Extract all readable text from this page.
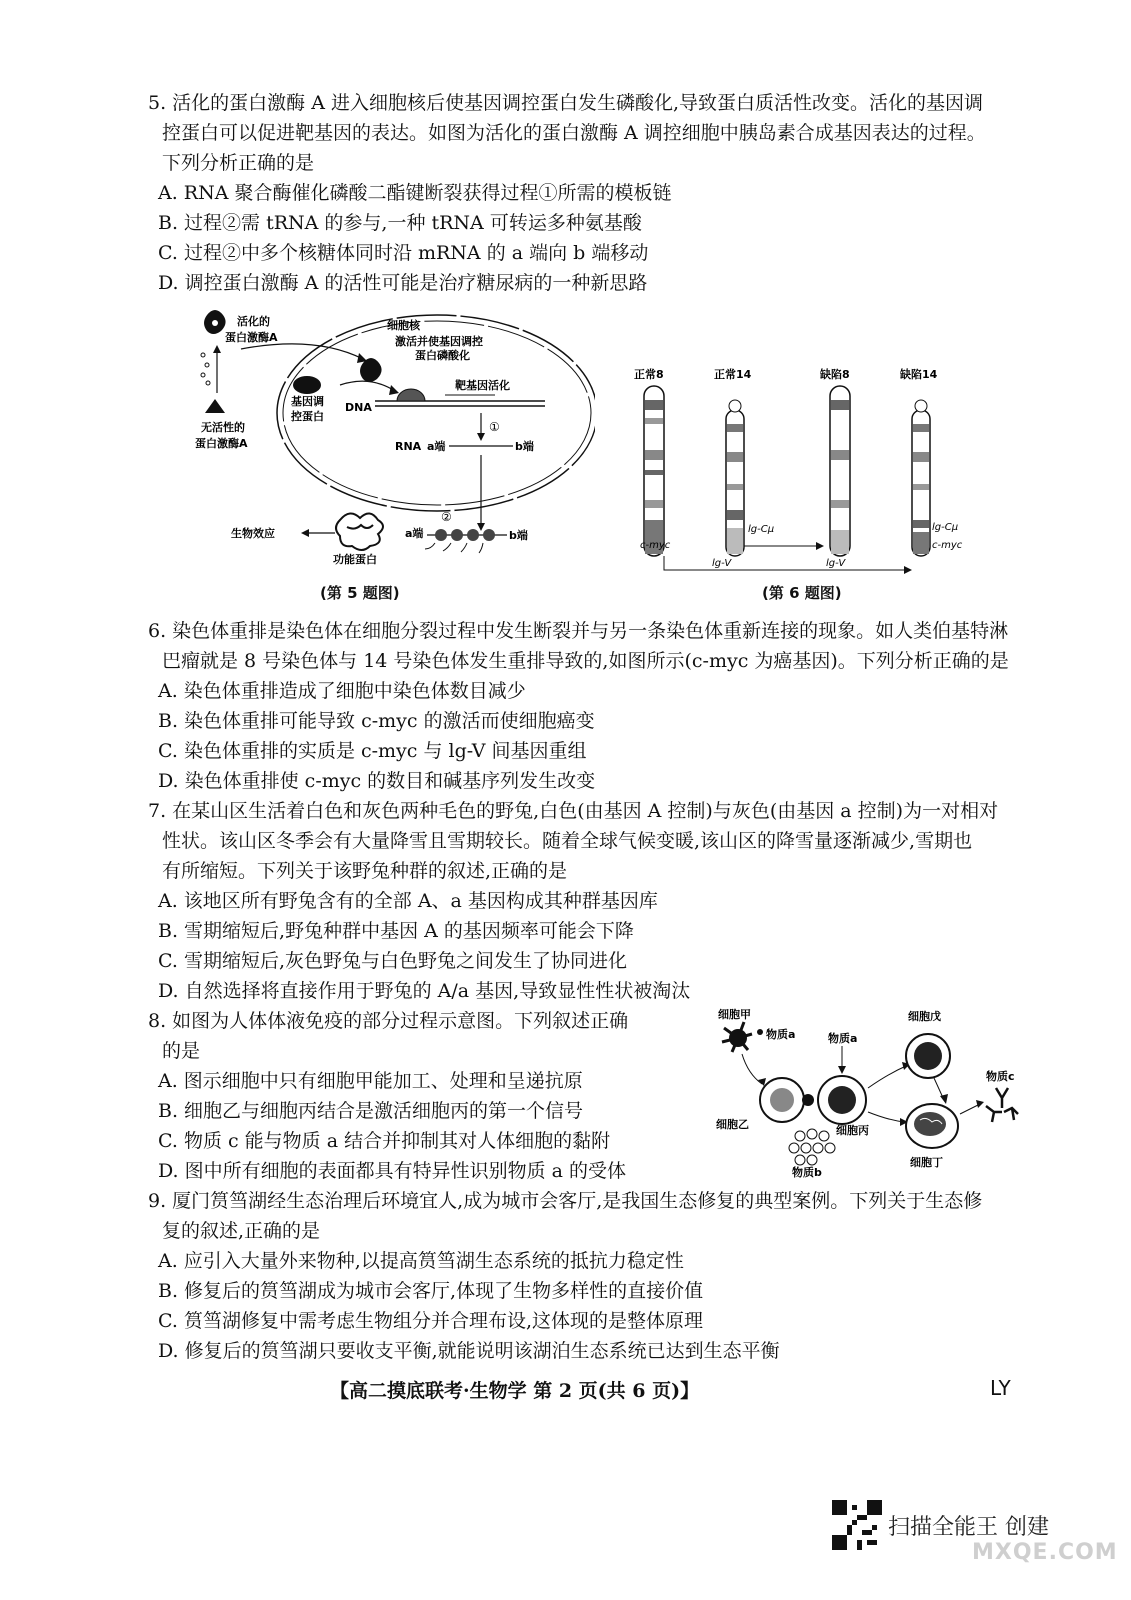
5. 活化的蛋白激酶 A 进入细胞核后使基因调控蛋白发生磷酸化,导致蛋白质活性改变。活化的基因调
控蛋白可以促进靶基因的表达。如图为活化的蛋白激酶 A 调控细胞中胰岛素合成基因表达的过程。
下列分析正确的是
A. RNA 聚合酶催化磷酸二酯键断裂获得过程①所需的模板链
B. 过程②需 tRNA 的参与,一种 tRNA 可转运多种氨基酸
C. 过程②中多个核糖体同时沿 mRNA 的 a 端向 b 端移动
D. 调控蛋白激酶 A 的活性可能是治疗糖尿病的一种新思路
活化的
蛋白激酶A
无活性的
蛋白激酶A
细胞核
激活并使基因调控
蛋白磷酸化
基因调
控蛋白
DNA
靶基因活化
①
RNA a端	b端
②
a端	b端
生物效应
功能蛋白
(第 5 题图)
正常8	正常14	缺陷8	缺陷14
c-myc
lg-Cμ
lg-V	lg-V
lg-Cμ
c-myc
(第 6 题图)
6. 染色体重排是染色体在细胞分裂过程中发生断裂并与另一条染色体重新连接的现象。如人类伯基特淋
巴瘤就是 8 号染色体与 14 号染色体发生重排导致的,如图所示(c-myc 为癌基因)。下列分析正确的是
A. 染色体重排造成了细胞中染色体数目减少
B. 染色体重排可能导致 c-myc 的激活而使细胞癌变
C. 染色体重排的实质是 c-myc 与 lg-V 间基因重组
D. 染色体重排使 c-myc 的数目和碱基序列发生改变
7. 在某山区生活着白色和灰色两种毛色的野兔,白色(由基因 A 控制)与灰色(由基因 a 控制)为一对相对
性状。该山区冬季会有大量降雪且雪期较长。随着全球气候变暖,该山区的降雪量逐渐减少,雪期也
有所缩短。下列关于该野兔种群的叙述,正确的是
A. 该地区所有野兔含有的全部 A、a 基因构成其种群基因库
B. 雪期缩短后,野兔种群中基因 A 的基因频率可能会下降
C. 雪期缩短后,灰色野兔与白色野兔之间发生了协同进化
D. 自然选择将直接作用于野兔的 A/a 基因,导致显性性状被淘汰
8. 如图为人体体液免疫的部分过程示意图。下列叙述正确
的是
A. 图示细胞中只有细胞甲能加工、处理和呈递抗原
B. 细胞乙与细胞丙结合是激活细胞丙的第一个信号
C. 物质 c 能与物质 a 结合并抑制其对人体细胞的黏附
D. 图中所有细胞的表面都具有特异性识别物质 a 的受体
细胞甲
物质a
细胞乙
物质a
细胞丙
物质b
细胞戊
细胞丁
物质c
9. 厦门筼筜湖经生态治理后环境宜人,成为城市会客厅,是我国生态修复的典型案例。下列关于生态修
复的叙述,正确的是
A. 应引入大量外来物种,以提高筼筜湖生态系统的抵抗力稳定性
B. 修复后的筼筜湖成为城市会客厅,体现了生物多样性的直接价值
C. 筼筜湖修复中需考虑生物组分并合理布设,这体现的是整体原理
D. 修复后的筼筜湖只要收支平衡,就能说明该湖泊生态系统已达到生态平衡
【高二摸底联考·生物学 第 2 页(共 6 页)】	LY
扫描全能王 创建
MXQE.COM
